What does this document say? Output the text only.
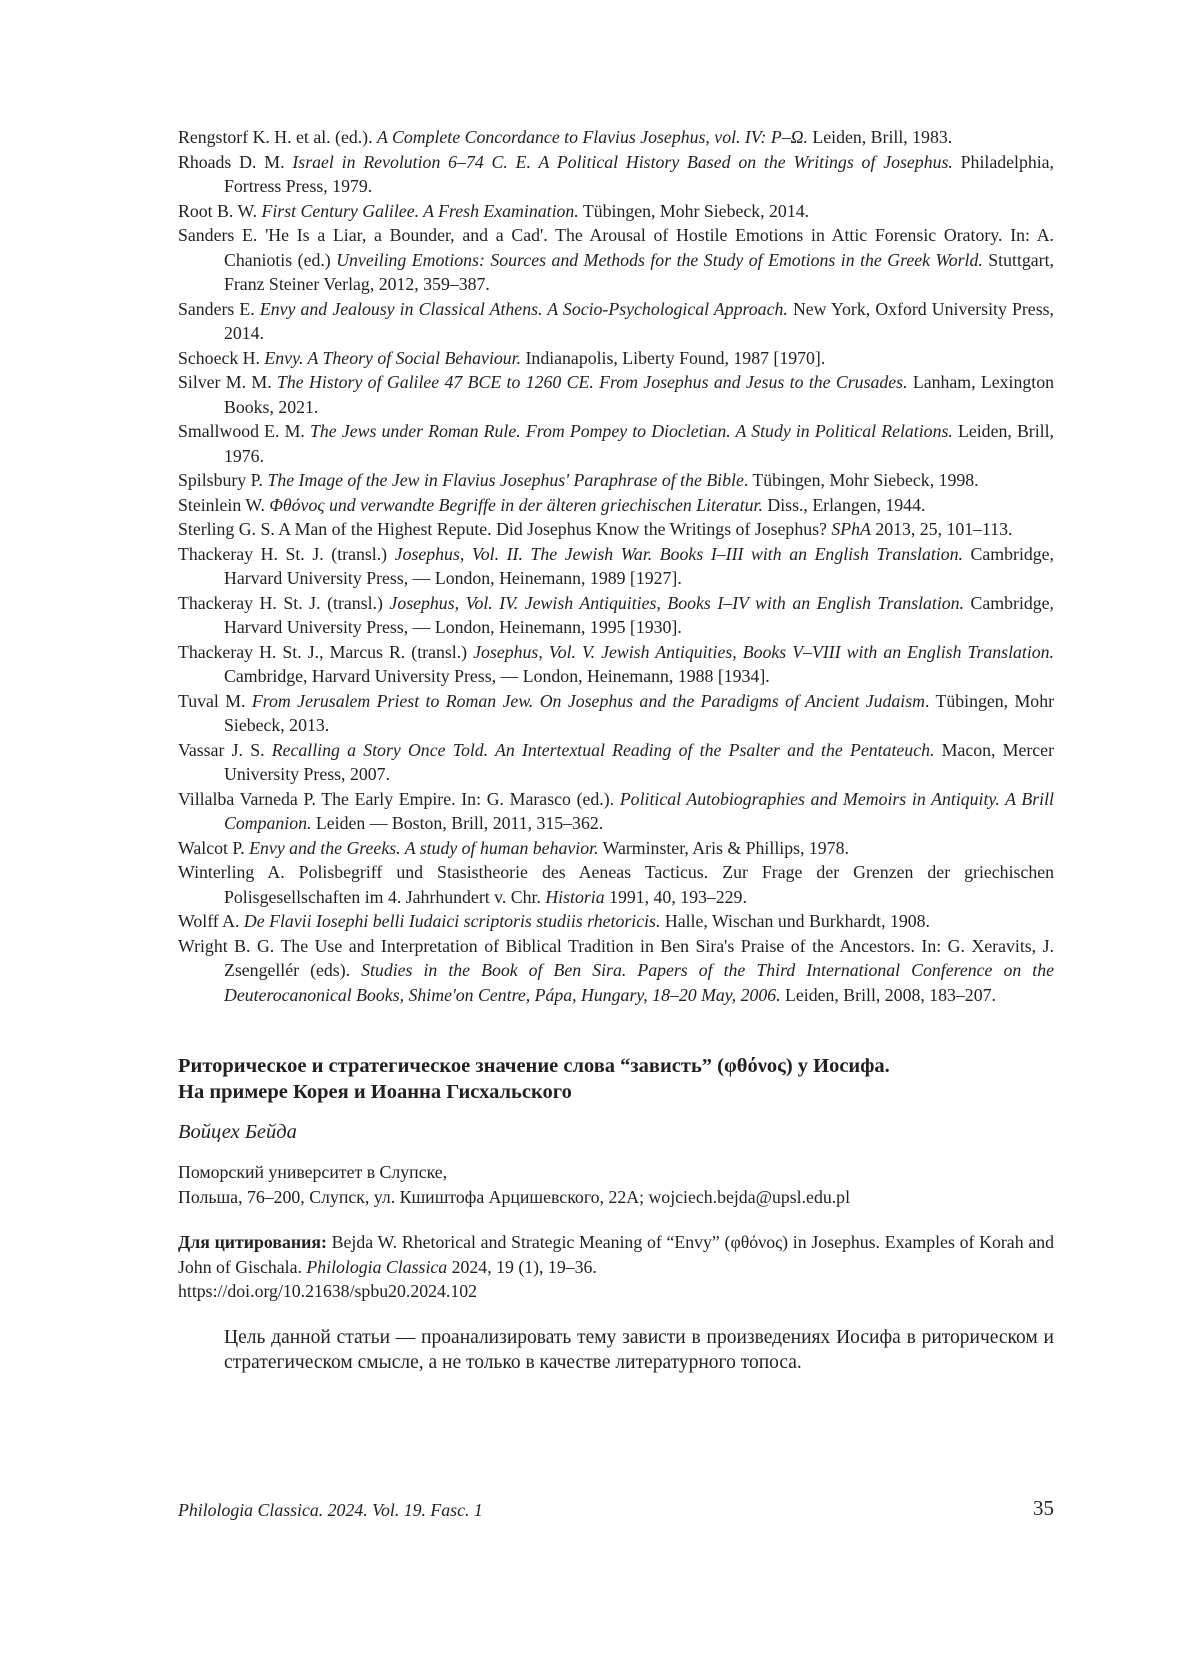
Rengstorf K. H. et al. (ed.). A Complete Concordance to Flavius Josephus, vol. IV: P–Ω. Leiden, Brill, 1983.

Rhoads D. M. Israel in Revolution 6–74 C. E. A Political History Based on the Writings of Josephus. Philadelphia, Fortress Press, 1979.

Root B. W. First Century Galilee. A Fresh Examination. Tübingen, Mohr Siebeck, 2014.

Sanders E. 'He Is a Liar, a Bounder, and a Cad'. The Arousal of Hostile Emotions in Attic Forensic Oratory. In: A. Chaniotis (ed.) Unveiling Emotions: Sources and Methods for the Study of Emotions in the Greek World. Stuttgart, Franz Steiner Verlag, 2012, 359–387.

Sanders E. Envy and Jealousy in Classical Athens. A Socio-Psychological Approach. New York, Oxford University Press, 2014.

Schoeck H. Envy. A Theory of Social Behaviour. Indianapolis, Liberty Found, 1987 [1970].

Silver M. M. The History of Galilee 47 BCE to 1260 CE. From Josephus and Jesus to the Crusades. Lanham, Lexington Books, 2021.

Smallwood E. M. The Jews under Roman Rule. From Pompey to Diocletian. A Study in Political Relations. Leiden, Brill, 1976.

Spilsbury P. The Image of the Jew in Flavius Josephus' Paraphrase of the Bible. Tübingen, Mohr Siebeck, 1998.

Steinlein W. Φθόνος und verwandte Begriffe in der älteren griechischen Literatur. Diss., Erlangen, 1944.

Sterling G. S. A Man of the Highest Repute. Did Josephus Know the Writings of Josephus? SPhA 2013, 25, 101–113.

Thackeray H. St. J. (transl.) Josephus, Vol. II. The Jewish War. Books I–III with an English Translation. Cambridge, Harvard University Press, — London, Heinemann, 1989 [1927].

Thackeray H. St. J. (transl.) Josephus, Vol. IV. Jewish Antiquities, Books I–IV with an English Translation. Cambridge, Harvard University Press, — London, Heinemann, 1995 [1930].

Thackeray H. St. J., Marcus R. (transl.) Josephus, Vol. V. Jewish Antiquities, Books V–VIII with an English Translation. Cambridge, Harvard University Press, — London, Heinemann, 1988 [1934].

Tuval M. From Jerusalem Priest to Roman Jew. On Josephus and the Paradigms of Ancient Judaism. Tübingen, Mohr Siebeck, 2013.

Vassar J. S. Recalling a Story Once Told. An Intertextual Reading of the Psalter and the Pentateuch. Macon, Mercer University Press, 2007.

Villalba Varneda P. The Early Empire. In: G. Marasco (ed.). Political Autobiographies and Memoirs in Antiquity. A Brill Companion. Leiden — Boston, Brill, 2011, 315–362.

Walcot P. Envy and the Greeks. A study of human behavior. Warminster, Aris & Phillips, 1978.

Winterling A. Polisbegriff und Stasistheorie des Aeneas Tacticus. Zur Frage der Grenzen der griechischen Polisgesellschaften im 4. Jahrhundert v. Chr. Historia 1991, 40, 193–229.

Wolff A. De Flavii Iosephi belli Iudaici scriptoris studiis rhetoricis. Halle, Wischan und Burkhardt, 1908.

Wright B. G. The Use and Interpretation of Biblical Tradition in Ben Sira's Praise of the Ancestors. In: G. Xeravits, J. Zsengellér (eds). Studies in the Book of Ben Sira. Papers of the Third International Conference on the Deuterocanonical Books, Shime'on Centre, Pápa, Hungary, 18–20 May, 2006. Leiden, Brill, 2008, 183–207.

Риторическое и стратегическое значение слова “зависть” (φθόνος) у Иосифа.
На примере Корея и Иоанна Гисхальского
Войцех Бейда
Поморский университет в Слупске,
Польша, 76–200, Слупск, ул. Кшиштофа Арцишевского, 22А; wojciech.bejda@upsl.edu.pl
Для цитирования: Bejda W. Rhetorical and Strategic Meaning of “Envy” (φθόνος) in Josephus. Examples of Korah and John of Gischala. Philologia Classica 2024, 19 (1), 19–36.
https://doi.org/10.21638/spbu20.2024.102
Цель данной статьи — проанализировать тему зависти в произведениях Иосифа в риторическом и стратегическом смысле, а не только в качестве литературного топоса.
Philologia Classica. 2024. Vol. 19. Fasc. 1	35
